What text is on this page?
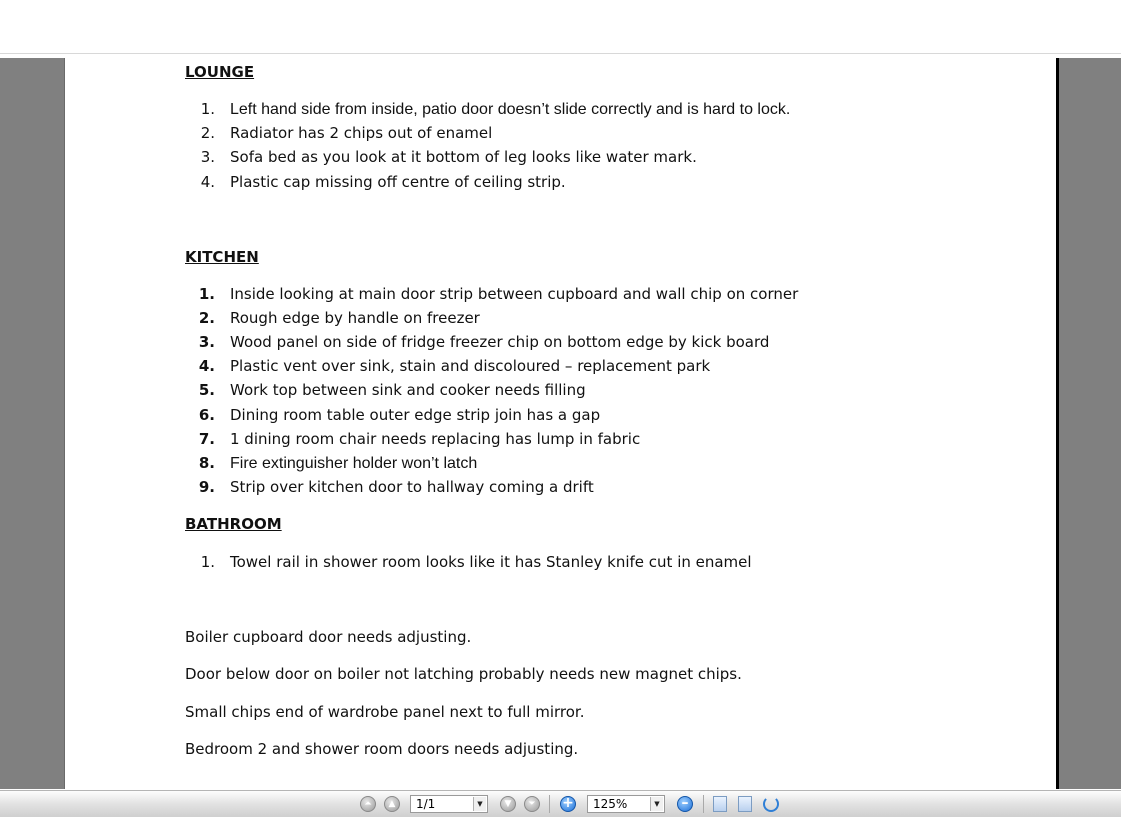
LOUNGE
1. Left hand side from inside, patio door doesn’t slide correctly and is hard to lock.
2. Radiator has 2 chips out of enamel
3. Sofa bed as you look at it bottom of leg looks like water mark.
4. Plastic cap missing off centre of ceiling strip.
KITCHEN
1. Inside looking at main door strip between cupboard and wall chip on corner
2. Rough edge by handle on freezer
3. Wood panel on side of fridge freezer chip on bottom edge by kick board
4. Plastic vent over sink, stain and discoloured – replacement park
5. Work top between sink and cooker needs filling
6. Dining room table outer edge strip join has a gap
7. 1 dining room chair needs replacing has lump in fabric
8. Fire extinguisher holder won’t latch
9. Strip over kitchen door to hallway coming a drift
BATHROOM
1. Towel rail in shower room looks like it has Stanley knife cut in enamel
Boiler cupboard door needs adjusting.
Door below door on boiler not latching probably needs new magnet chips.
Small chips end of wardrobe panel next to full mirror.
Bedroom 2 and shower room doors needs adjusting.
⏶	▲	1/1	▼	▼	⏷	+	125%	▼	–
